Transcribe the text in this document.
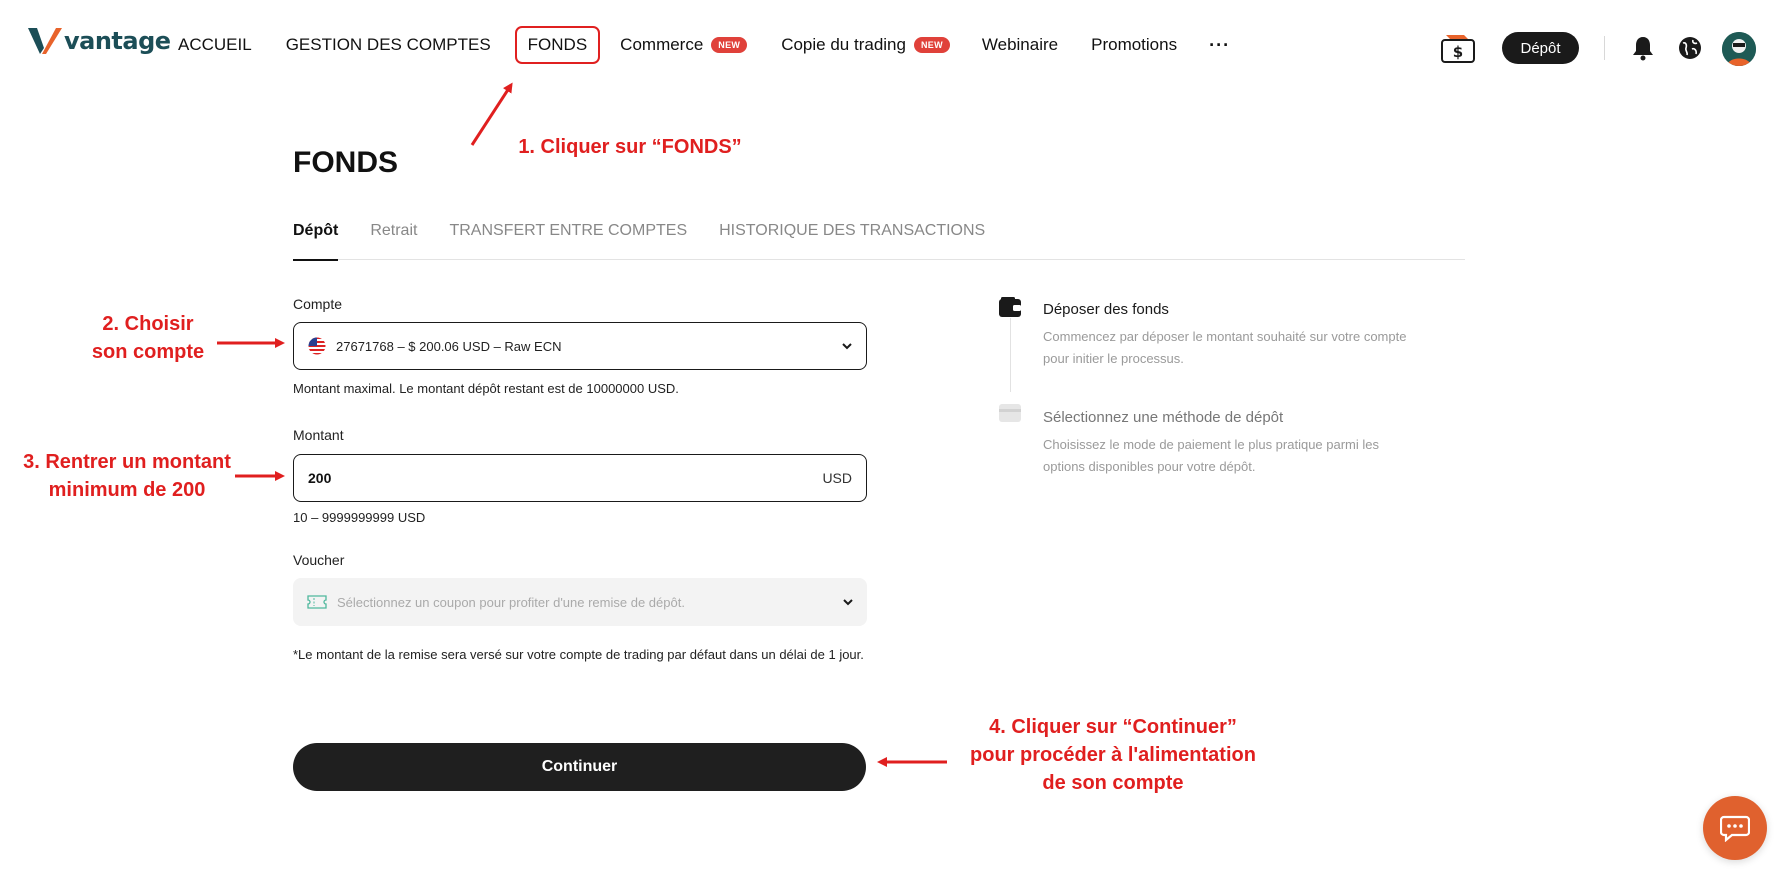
vantage ACCUEIL GESTION DES COMPTES FONDS Commerce	NEW	Copie du trading	NEW	Webinaire Promotions ···	$	Dépôt
FONDS
Dépôt Retrait TRANSFERT ENTRE COMPTES HISTORIQUE DES TRANSACTIONS
Compte
27671768 – $ 200.06 USD – Raw ECN
Montant maximal. Le montant dépôt restant est de 10000000 USD.
Montant
200	USD
10 – 9999999999 USD
Voucher
Sélectionnez un coupon pour profiter d'une remise de dépôt.
*Le montant de la remise sera versé sur votre compte de trading par défaut dans un délai de 1 jour.
Continuer
Déposer des fonds
Commencez par déposer le montant souhaité sur votre compte pour initier le processus.
Sélectionnez une méthode de dépôt
Choisissez le mode de paiement le plus pratique parmi les options disponibles pour votre dépôt.
1. Cliquer sur “FONDS”
2. Choisir
son compte
3. Rentrer un montant
minimum de 200
4. Cliquer sur “Continuer”
pour procéder à l'alimentation
de son compte
